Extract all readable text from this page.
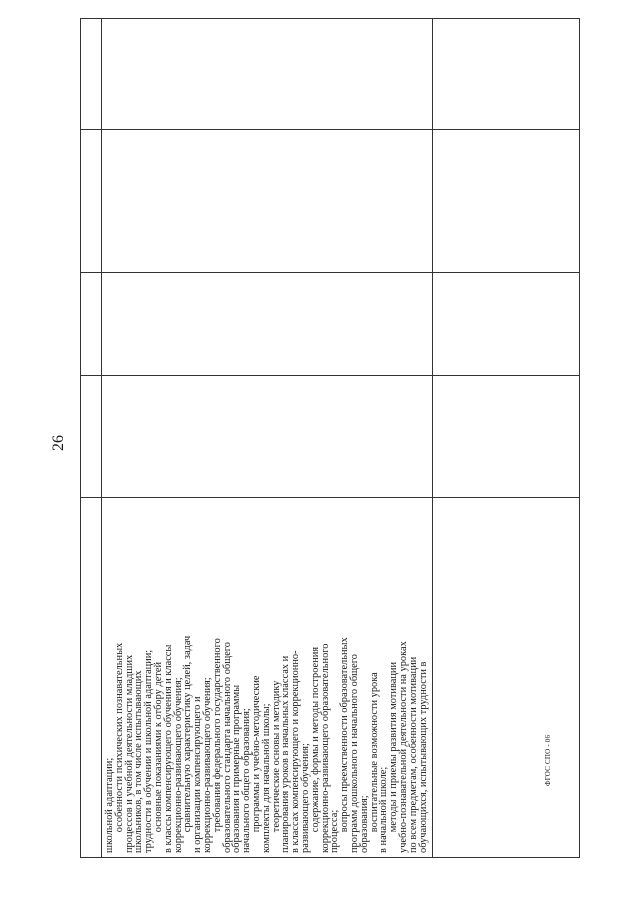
26
школьной адаптации;
  особенности психических познавательных
процессов и учебной деятельности младших
школьников, в том числе испытывающих
трудности в обучении и школьной адаптации;
  основные показаниями к отбору детей
в классы компенсирующего обучения и классы
коррекционно-развивающего обучения;
  сравнительную характеристику целей, задач
и организации компенсирующего и
коррекционно-развивающего обучения;
  требования федерального государственного
образовательного стандарта начального общего
образования и примерные программы
начального общего образования;
  программы и учебно-методические
комплекты для начальной школы;
  теоретические основы и методику
планирования уроков в начальных классах и
в классах компенсирующего и коррекционно-
развивающего обучения;
  содержание, формы и методы построения
коррекционно-развивающего образовательного
процесса;
  вопросы преемственности образовательных
программ дошкольного и начального общего
образования;
  воспитательные возможности урока
в начальной школе;
  методы и приемы развития мотивации
учебно-познавательной деятельности на уроках
по всем предметам, особенности мотивации
обучающихся, испытывающих трудности в	ФГОС СПО - 06
